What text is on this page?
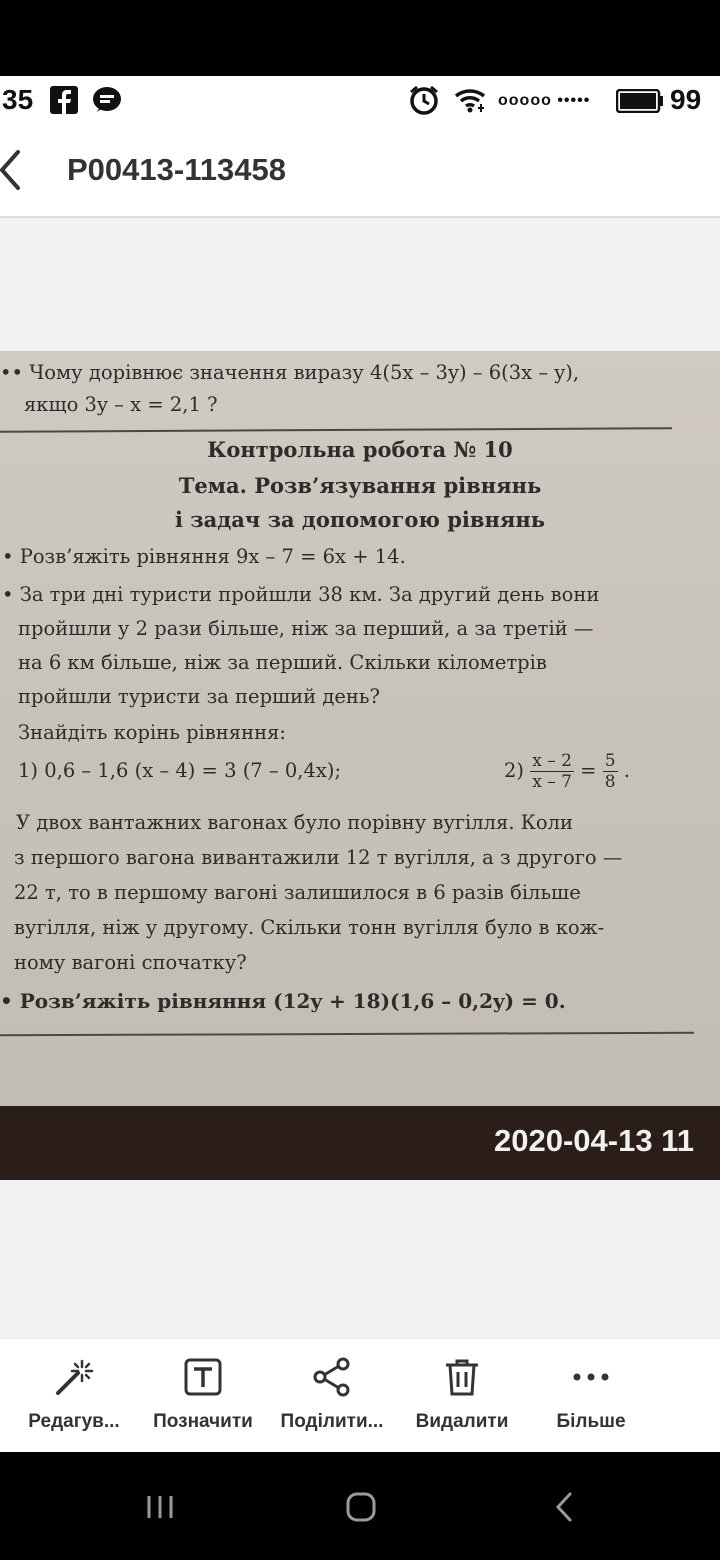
35	ooooo •••••	99
P00413-113458
•• Чому дорівнює значення виразу 4(5x – 3y) – 6(3x – y),
якщо 3y – x = 2,1 ?
Контрольна робота № 10
Тема. Розв’язування рівнянь
і задач за допомогою рівнянь
• Розв’яжіть рівняння 9x – 7 = 6x + 14.
• За три дні туристи пройшли 38 км. За другий день вони
пройшли у 2 рази більше, ніж за перший, а за третій —
на 6 км більше, ніж за перший. Скільки кілометрів
пройшли туристи за перший день?
Знайдіть корінь рівняння:
1) 0,6 – 1,6 (x – 4) = 3 (7 – 0,4x);	$2) \frac{x - 2}{x - 7} = \frac{5}{8}$ .
У двох вантажних вагонах було порівну вугілля. Коли
з першого вагона вивантажили 12 т вугілля, а з другого —
22 т, то в першому вагоні залишилося в 6 разів більше
вугілля, ніж у другому. Скільки тонн вугілля було в кож-
ному вагоні спочатку?
• Розв’яжіть рівняння (12y + 18)(1,6 – 0,2y) = 0.
2020-04-13 11
Редагув...	Позначити	Поділити...	Видалити	Більше
